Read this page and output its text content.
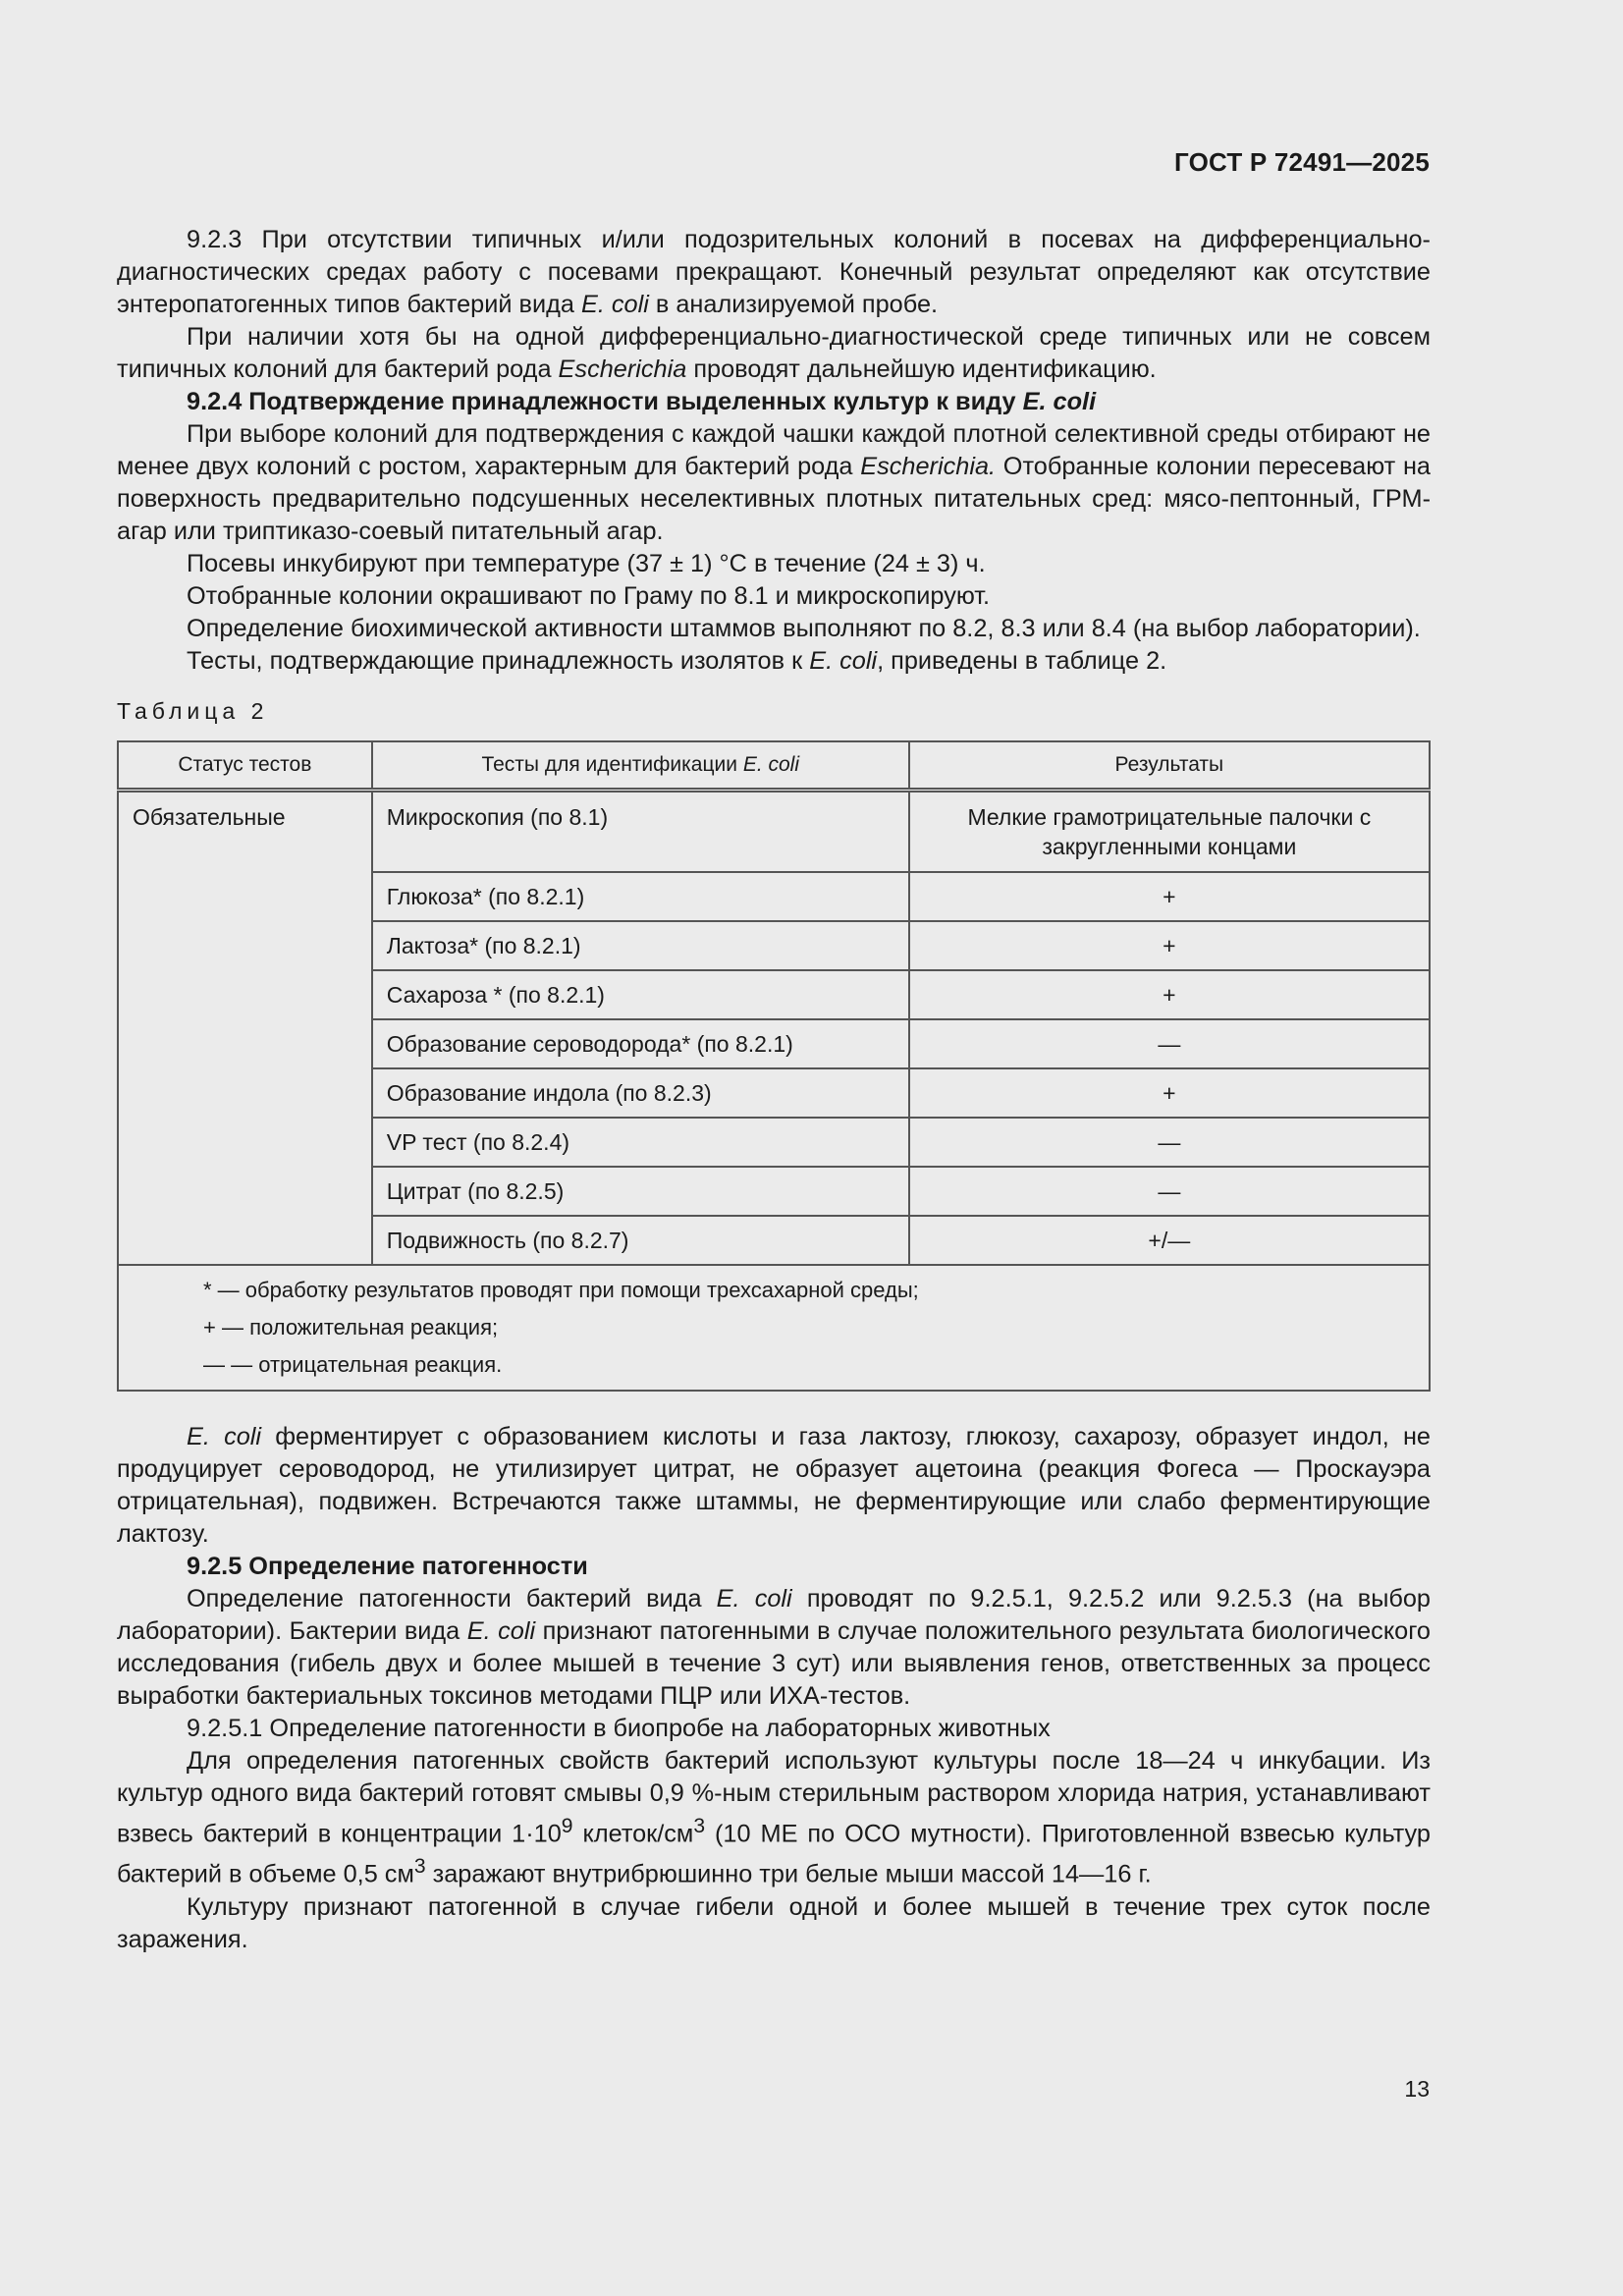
ГОСТ Р 72491—2025

9.2.3 При отсутствии типичных и/или подозрительных колоний в посевах на дифференциально-диагностических средах работу с посевами прекращают. Конечный результат определяют как отсутствие энтеропатогенных типов бактерий вида E. coli в анализируемой пробе.

При наличии хотя бы на одной дифференциально-диагностической среде типичных или не совсем типичных колоний для бактерий рода Escherichia проводят дальнейшую идентификацию.

9.2.4 Подтверждение принадлежности выделенных культур к виду E. coli

При выборе колоний для подтверждения с каждой чашки каждой плотной селективной среды отбирают не менее двух колоний с ростом, характерным для бактерий рода Escherichia. Отобранные колонии пересевают на поверхность предварительно подсушенных неселективных плотных питательных сред: мясо-пептонный, ГРМ-агар или триптиказо-соевый питательный агар.

Посевы инкубируют при температуре (37 ± 1) °С в течение (24 ± 3) ч.

Отобранные колонии окрашивают по Граму по 8.1 и микроскопируют.

Определение биохимической активности штаммов выполняют по 8.2, 8.3 или 8.4 (на выбор лаборатории).

Тесты, подтверждающие принадлежность изолятов к E. coli, приведены в таблице 2.

Таблица 2
Статус тестов	Тесты для идентификации E. coli	Результаты
Обязательные	Микроскопия (по 8.1)	Мелкие грамотрицательные палочки с закругленными концами
	Глюкоза* (по 8.2.1)	+
	Лактоза* (по 8.2.1)	+
	Сахароза * (по 8.2.1)	+
	Образование сероводорода* (по 8.2.1)	—
	Образование индола (по 8.2.3)	+
	VP тест (по 8.2.4)	—
	Цитрат (по 8.2.5)	—
	Подвижность (по 8.2.7)	+/—

* — обработку результатов проводят при помощи трехсахарной среды;
+ — положительная реакция;
— — отрицательная реакция.		

E. coli ферментирует с образованием кислоты и газа лактозу, глюкозу, сахарозу, образует индол, не продуцирует сероводород, не утилизирует цитрат, не образует ацетоина (реакция Фогеса — Проскауэра отрицательная), подвижен. Встречаются также штаммы, не ферментирующие или слабо ферментирующие лактозу.

9.2.5 Определение патогенности

Определение патогенности бактерий вида E. coli проводят по 9.2.5.1, 9.2.5.2 или 9.2.5.3 (на выбор лаборатории). Бактерии вида E. coli признают патогенными в случае положительного результата биологического исследования (гибель двух и более мышей в течение 3 сут) или выявления генов, ответственных за процесс выработки бактериальных токсинов методами ПЦР или ИХА-тестов.

9.2.5.1 Определение патогенности в биопробе на лабораторных животных

Для определения патогенных свойств бактерий используют культуры после 18—24 ч инкубации. Из культур одного вида бактерий готовят смывы 0,9 %-ным стерильным раствором хлорида натрия, устанавливают взвесь бактерий в концентрации $1\cdot 10^9$ клеток/$см^3$ (10 МЕ по ОСО мутности). Приготовленной взвесью культур бактерий в объеме 0,5 $см^3$ заражают внутрибрюшинно три белые мыши массой 14—16 г.

Культуру признают патогенной в случае гибели одной и более мышей в течение трех суток после заражения.

13
